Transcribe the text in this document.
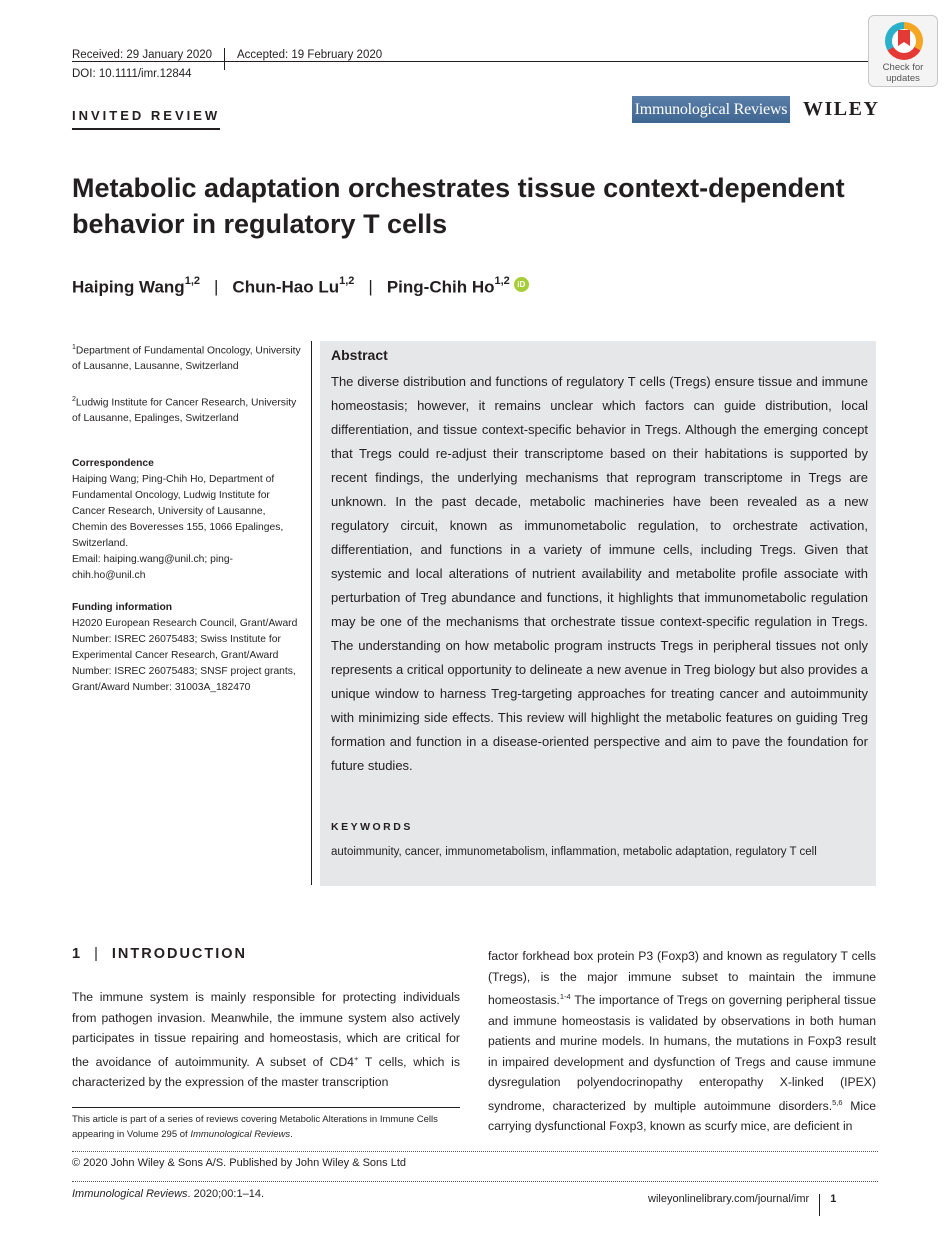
Received: 29 January 2020 Accepted: 19 February 2020
DOI: 10.1111/imr.12844
Check for
updates
INVITED REVIEW	Immunological Reviews WILEY
Metabolic adaptation orchestrates tissue context-dependent behavior in regulatory T cells
Haiping Wang$^{1,2}$ | Chun-Hao Lu$^{1,2}$ | Ping-Chih Ho$^{1,2}$ iD
$^1$Department of Fundamental Oncology, University of Lausanne, Lausanne, Switzerland
$^2$Ludwig Institute for Cancer Research, University of Lausanne, Epalinges, Switzerland
Correspondence
Haiping Wang; Ping-Chih Ho, Department of Fundamental Oncology, Ludwig Institute for Cancer Research, University of Lausanne, Chemin des Boveresses 155, 1066 Epalinges, Switzerland.
Email: haiping.wang@unil.ch; ping-chih.ho@unil.ch
Funding information
H2020 European Research Council, Grant/Award Number: ISREC 26075483; Swiss Institute for Experimental Cancer Research, Grant/Award Number: ISREC 26075483; SNSF project grants, Grant/Award Number: 31003A_182470
Abstract

The diverse distribution and functions of regulatory T cells (Tregs) ensure tissue and immune homeostasis; however, it remains unclear which factors can guide distribution, local differentiation, and tissue context-specific behavior in Tregs. Although the emerging concept that Tregs could re-adjust their transcriptome based on their habitations is supported by recent findings, the underlying mechanisms that reprogram transcriptome in Tregs are unknown. In the past decade, metabolic machineries have been revealed as a new regulatory circuit, known as immunometabolic regulation, to orchestrate activation, differentiation, and functions in a variety of immune cells, including Tregs. Given that systemic and local alterations of nutrient availability and metabolite profile associate with perturbation of Treg abundance and functions, it highlights that immunometabolic regulation may be one of the mechanisms that orchestrate tissue context-specific regulation in Tregs. The understanding on how metabolic program instructs Tregs in peripheral tissues not only represents a critical opportunity to delineate a new avenue in Treg biology but also provides a unique window to harness Treg-targeting approaches for treating cancer and autoimmunity with minimizing side effects. This review will highlight the metabolic features on guiding Treg formation and function in a disease-oriented perspective and aim to pave the foundation for future studies.

KEYWORDS
autoimmunity, cancer, immunometabolism, inflammation, metabolic adaptation, regulatory T cell
1 | INTRODUCTION

The immune system is mainly responsible for protecting individuals from pathogen invasion. Meanwhile, the immune system also actively participates in tissue repairing and homeostasis, which are critical for the avoidance of autoimmunity. A subset of CD4+ T cells, which is characterized by the expression of the master transcription

factor forkhead box protein P3 (Foxp3) and known as regulatory T cells (Tregs), is the major immune subset to maintain the immune homeostasis.$^{1-4}$ The importance of Tregs on governing peripheral tissue and immune homeostasis is validated by observations in both human patients and murine models. In humans, the mutations in Foxp3 result in impaired development and dysfunction of Tregs and cause immune dysregulation polyendocrinopathy enteropathy X-linked (IPEX) syndrome, characterized by multiple autoimmune disorders.$^{5,6}$ Mice carrying dysfunctional Foxp3, known as scurfy mice, are deficient in

This article is part of a series of reviews covering Metabolic Alterations in Immune Cells appearing in Volume 295 of Immunological Reviews.
© 2020 John Wiley & Sons A/S. Published by John Wiley & Sons Ltd
Immunological Reviews. 2020;00:1–14.	wileyonlinelibrary.com/journal/imr 1
